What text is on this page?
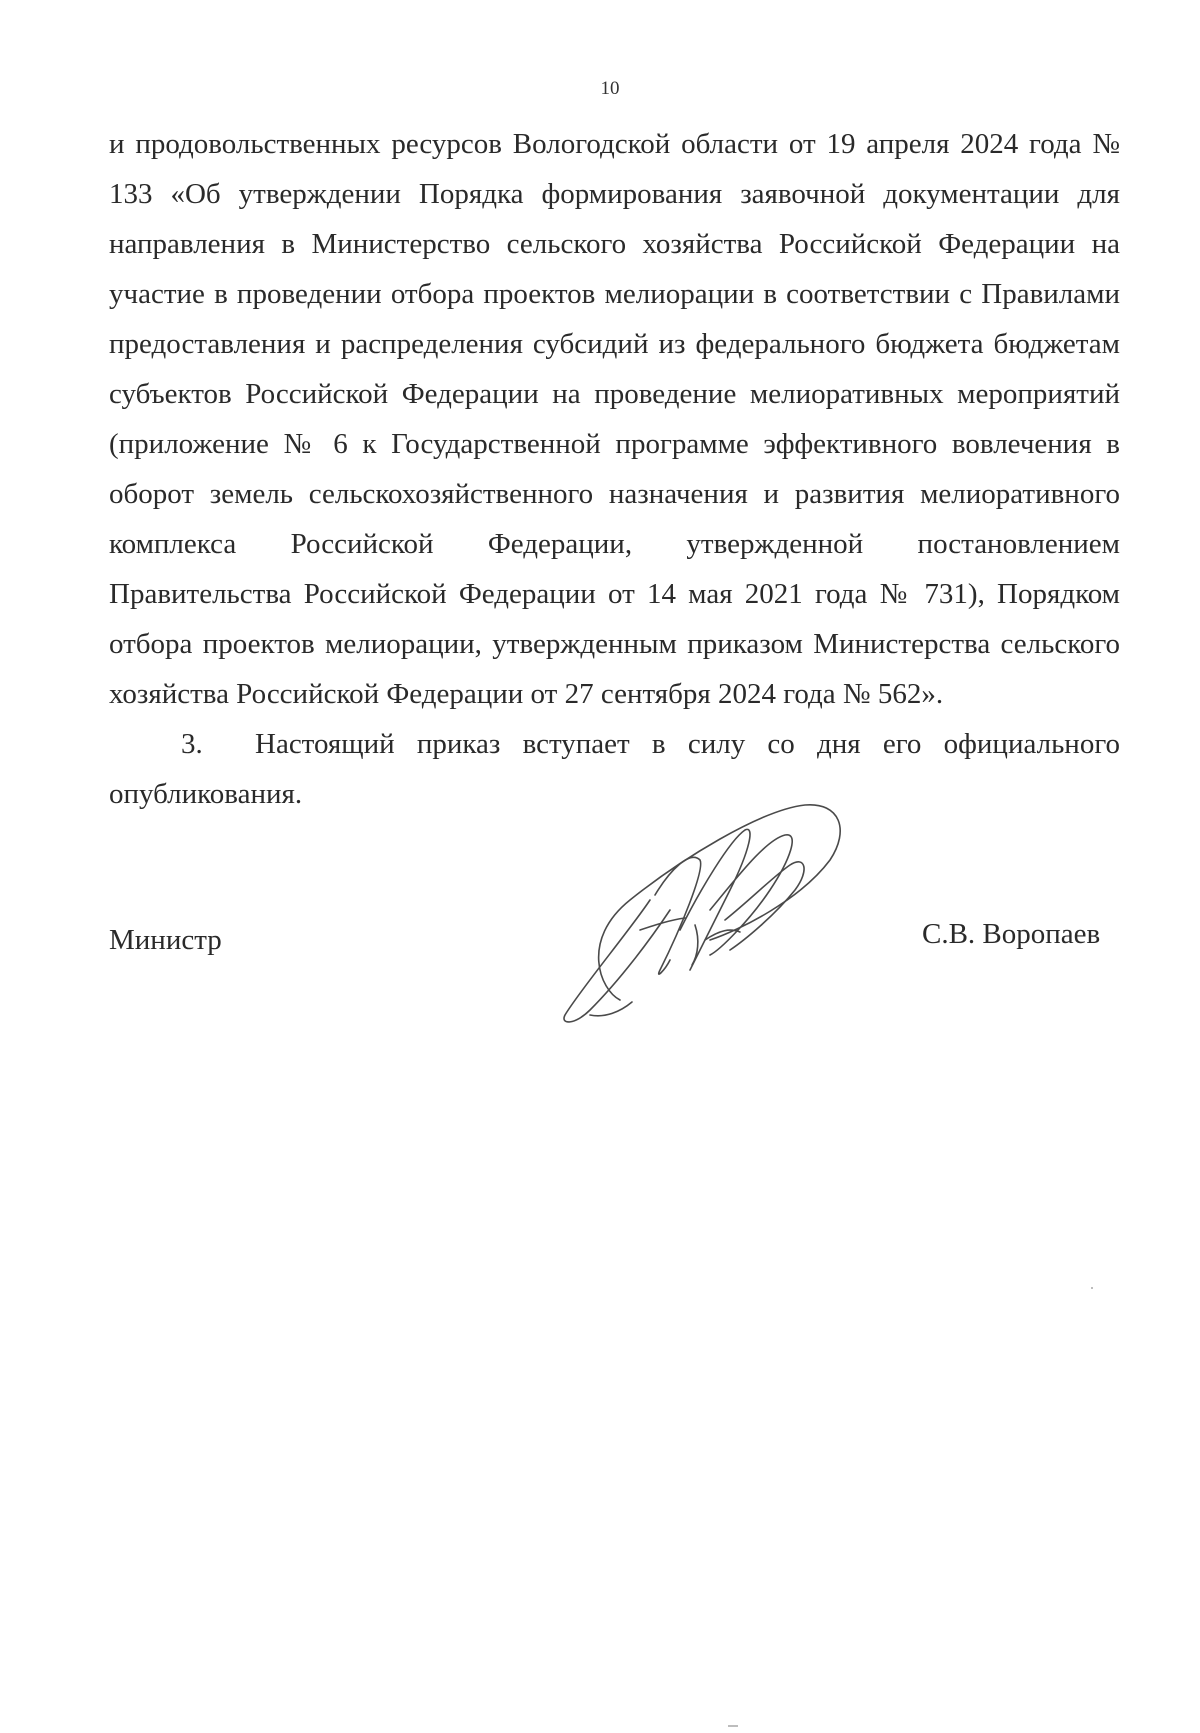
10

и продовольственных ресурсов Вологодской области от 19 апреля 2024 года № 133 «Об утверждении Порядка формирования заявочной документации для направления в Министерство сельского хозяйства Российской Федерации на участие в проведении отбора проектов мелиорации в соответствии с Правилами предоставления и распределения субсидий из федерального бюджета бюджетам субъектов Российской Федерации на проведение мелиоративных мероприятий (приложение № 6 к Государственной программе эффективного вовлечения в оборот земель сельскохозяйственного назначения и развития мелиоративного комплекса Российской Федерации, утвержденной постановлением Правительства Российской Федерации от 14 мая 2021 года № 731), Порядком отбора проектов мелиорации, утвержденным приказом Министерства сельского хозяйства Российской Федерации от 27 сентября 2024 года № 562».

3. Настоящий приказ вступает в силу со дня его официального опубликования.

Министр	С.В. Воропаев
